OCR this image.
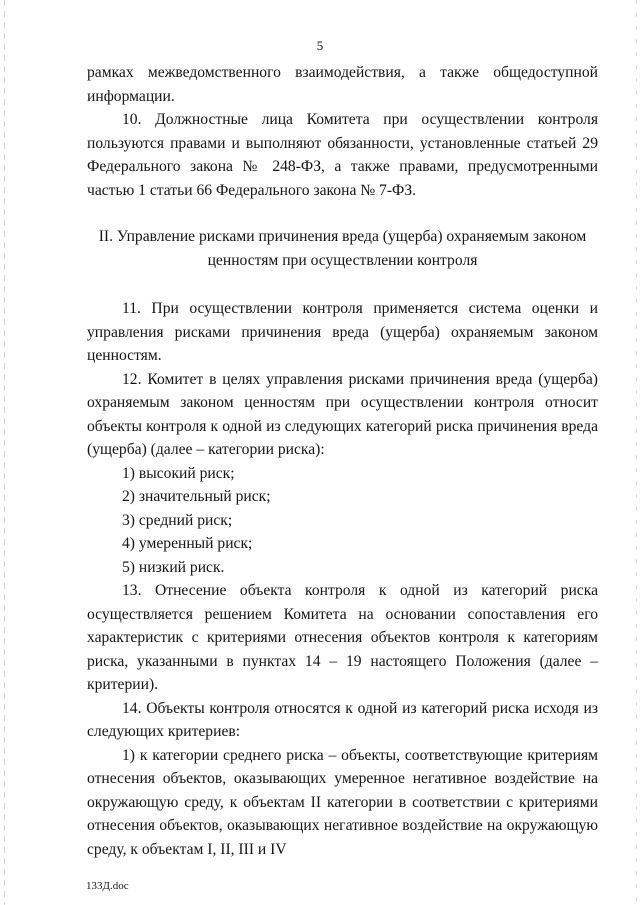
5

рамках межведомственного взаимодействия, а также общедоступной информации.

10. Должностные лица Комитета при осуществлении контроля пользуются правами и выполняют обязанности, установленные статьей 29 Федерального закона № 248-ФЗ, а также правами, предусмотренными частью 1 статьи 66 Федерального закона № 7-ФЗ.

II. Управление рисками причинения вреда (ущерба) охраняемым законом ценностям при осуществлении контроля

11. При осуществлении контроля применяется система оценки и управления рисками причинения вреда (ущерба) охраняемым законом ценностям.

12. Комитет в целях управления рисками причинения вреда (ущерба) охраняемым законом ценностям при осуществлении контроля относит объекты контроля к одной из следующих категорий риска причинения вреда (ущерба) (далее – категории риска):

1) высокий риск;

2) значительный риск;

3) средний риск;

4) умеренный риск;

5) низкий риск.

13. Отнесение объекта контроля к одной из категорий риска осуществляется решением Комитета на основании сопоставления его характеристик с критериями отнесения объектов контроля к категориям риска, указанными в пунктах 14 – 19 настоящего Положения (далее – критерии).

14. Объекты контроля относятся к одной из категорий риска исходя из следующих критериев:

1) к категории среднего риска – объекты, соответствующие критериям отнесения объектов, оказывающих умеренное негативное воздействие на окружающую среду, к объектам II категории в соответствии с критериями отнесения объектов, оказывающих негативное воздействие на окружающую среду, к объектам I, II, III и IV

133Д.doc
